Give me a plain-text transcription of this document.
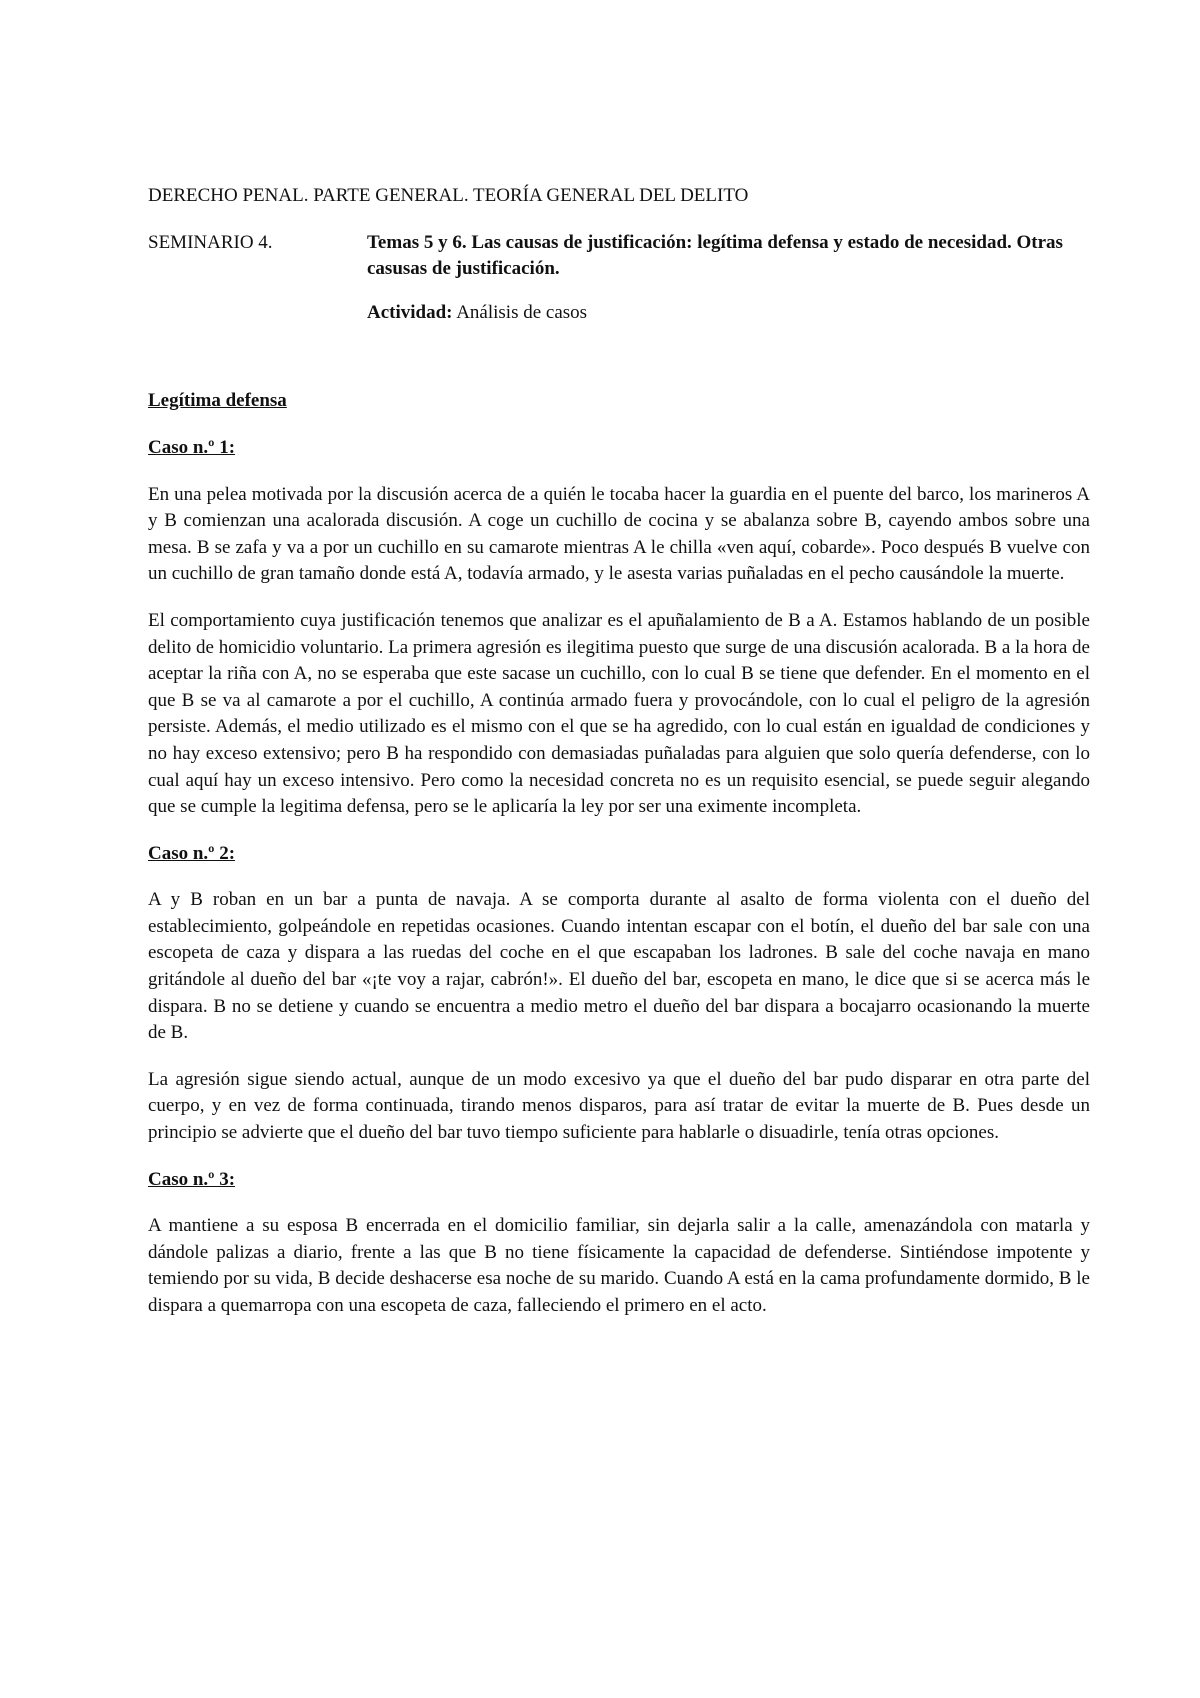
DERECHO PENAL. PARTE GENERAL. TEORÍA GENERAL DEL DELITO
SEMINARIO 4.	Temas 5 y 6. Las causas de justificación: legítima defensa y estado de necesidad. Otras casusas de justificación.
Actividad: Análisis de casos
Legítima defensa
Caso n.º 1:

En una pelea motivada por la discusión acerca de a quién le tocaba hacer la guardia en el puente del barco, los marineros A y B comienzan una acalorada discusión. A coge un cuchillo de cocina y se abalanza sobre B, cayendo ambos sobre una mesa. B se zafa y va a por un cuchillo en su camarote mientras A le chilla «ven aquí, cobarde». Poco después B vuelve con un cuchillo de gran tamaño donde está A, todavía armado, y le asesta varias puñaladas en el pecho causándole la muerte.

El comportamiento cuya justificación tenemos que analizar es el apuñalamiento de B a A. Estamos hablando de un posible delito de homicidio voluntario. La primera agresión es ilegitima puesto que surge de una discusión acalorada. B a la hora de aceptar la riña con A, no se esperaba que este sacase un cuchillo, con lo cual B se tiene que defender. En el momento en el que B se va al camarote a por el cuchillo, A continúa armado fuera y provocándole, con lo cual el peligro de la agresión persiste. Además, el medio utilizado es el mismo con el que se ha agredido, con lo cual están en igualdad de condiciones y no hay exceso extensivo; pero B ha respondido con demasiadas puñaladas para alguien que solo quería defenderse, con lo cual aquí hay un exceso intensivo. Pero como la necesidad concreta no es un requisito esencial, se puede seguir alegando que se cumple la legitima defensa, pero se le aplicaría la ley por ser una eximente incompleta.

Caso n.º 2:

A y B roban en un bar a punta de navaja. A se comporta durante al asalto de forma violenta con el dueño del establecimiento, golpeándole en repetidas ocasiones. Cuando intentan escapar con el botín, el dueño del bar sale con una escopeta de caza y dispara a las ruedas del coche en el que escapaban los ladrones. B sale del coche navaja en mano gritándole al dueño del bar «¡te voy a rajar, cabrón!». El dueño del bar, escopeta en mano, le dice que si se acerca más le dispara. B no se detiene y cuando se encuentra a medio metro el dueño del bar dispara a bocajarro ocasionando la muerte de B.

La agresión sigue siendo actual, aunque de un modo excesivo ya que el dueño del bar pudo disparar en otra parte del cuerpo, y en vez de forma continuada, tirando menos disparos, para así tratar de evitar la muerte de B. Pues desde un principio se advierte que el dueño del bar tuvo tiempo suficiente para hablarle o disuadirle, tenía otras opciones.

Caso n.º 3:

A mantiene a su esposa B encerrada en el domicilio familiar, sin dejarla salir a la calle, amenazándola con matarla y dándole palizas a diario, frente a las que B no tiene físicamente la capacidad de defenderse. Sintiéndose impotente y temiendo por su vida, B decide deshacerse esa noche de su marido. Cuando A está en la cama profundamente dormido, B le dispara a quemarropa con una escopeta de caza, falleciendo el primero en el acto.
